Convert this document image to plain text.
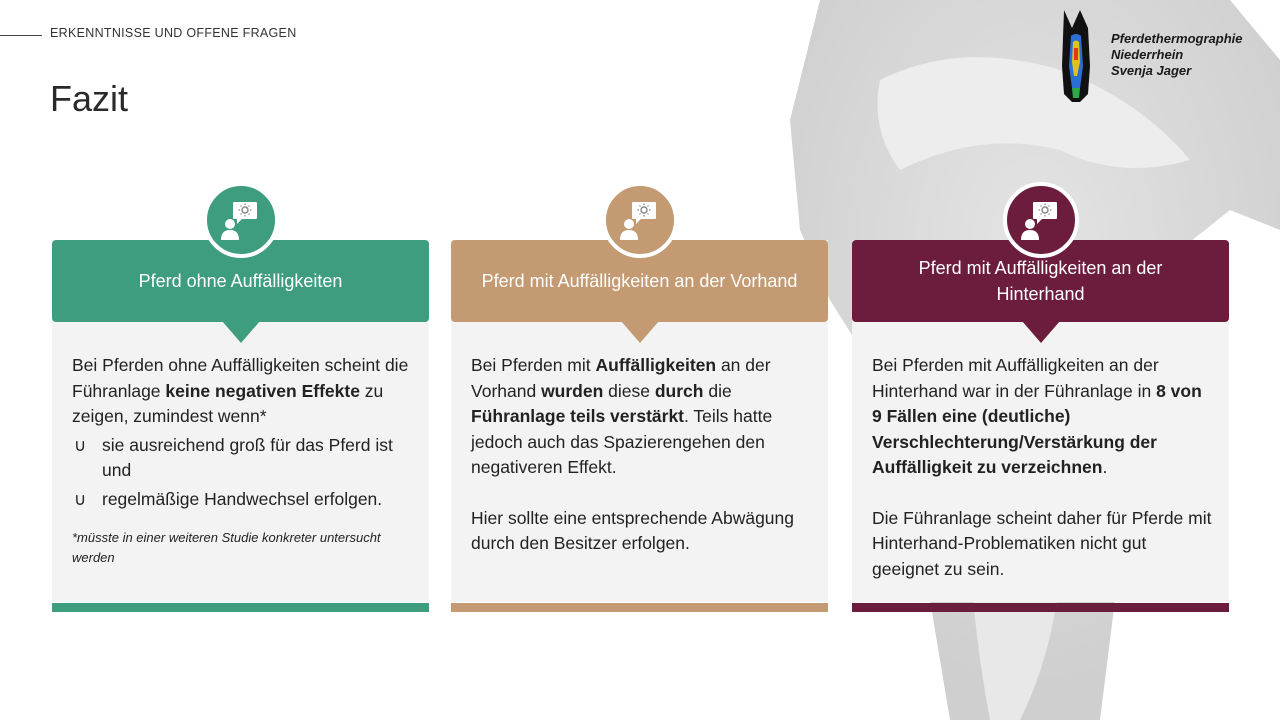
ERKENNTNISSE UND OFFENE FRAGEN
Fazit
Pferdethermographie
Niederrhein
Svenja Jager
Pferd ohne Auffälligkeiten

Bei Pferden ohne Auffälligkeiten scheint die Führanlage keine negativen Effekte zu zeigen, zumindest wenn*

∪ sie ausreichend groß für das Pferd ist und
∪ regelmäßige Handwechsel erfolgen.
*müsste in einer weiteren Studie konkreter untersucht werden
Pferd mit Auffälligkeiten an der Vorhand

Bei Pferden mit Auffälligkeiten an der Vorhand wurden diese durch die Führanlage teils verstärkt. Teils hatte jedoch auch das Spazierengehen den negativeren Effekt.

Hier sollte eine entsprechende Abwägung durch den Besitzer erfolgen.

Pferd mit Auffälligkeiten an der Hinterhand

Bei Pferden mit Auffälligkeiten an der Hinterhand war in der Führanlage in 8 von 9 Fällen eine (deutliche) Verschlechterung/Verstärkung der Auffälligkeit zu verzeichnen.

Die Führanlage scheint daher für Pferde mit Hinterhand-Problematiken nicht gut geeignet zu sein.
